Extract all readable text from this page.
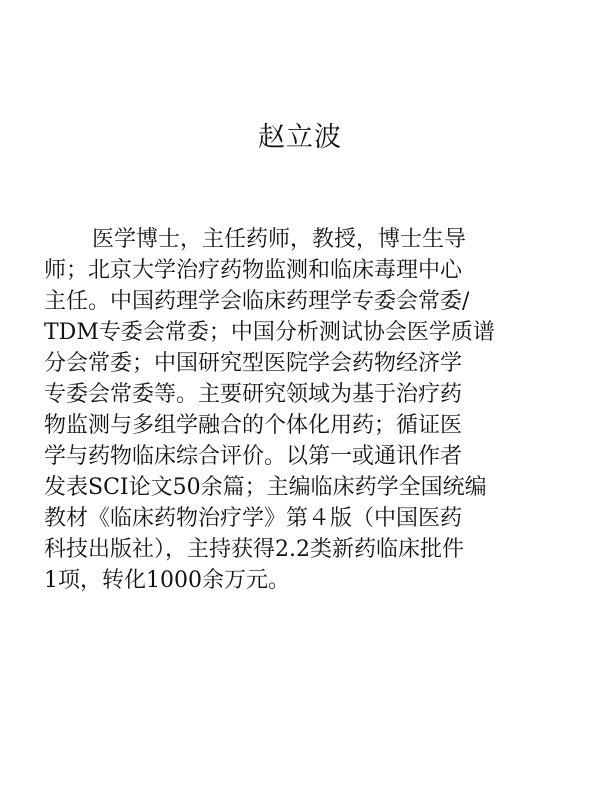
赵立波
医学博士，主任药师，教授，博士生导
师；北京大学治疗药物监测和临床毒理中心
主任。中国药理学会临床药理学专委会常委/
TDM专委会常委；中国分析测试协会医学质谱
分会常委；中国研究型医院学会药物经济学
专委会常委等。主要研究领域为基于治疗药
物监测与多组学融合的个体化用药；循证医
学与药物临床综合评价。以第一或通讯作者
发表SCI论文50余篇；主编临床药学全国统编
教材《临床药物治疗学》第４版（中国医药
科技出版社），主持获得2.2类新药临床批件
1项，转化1000余万元。
